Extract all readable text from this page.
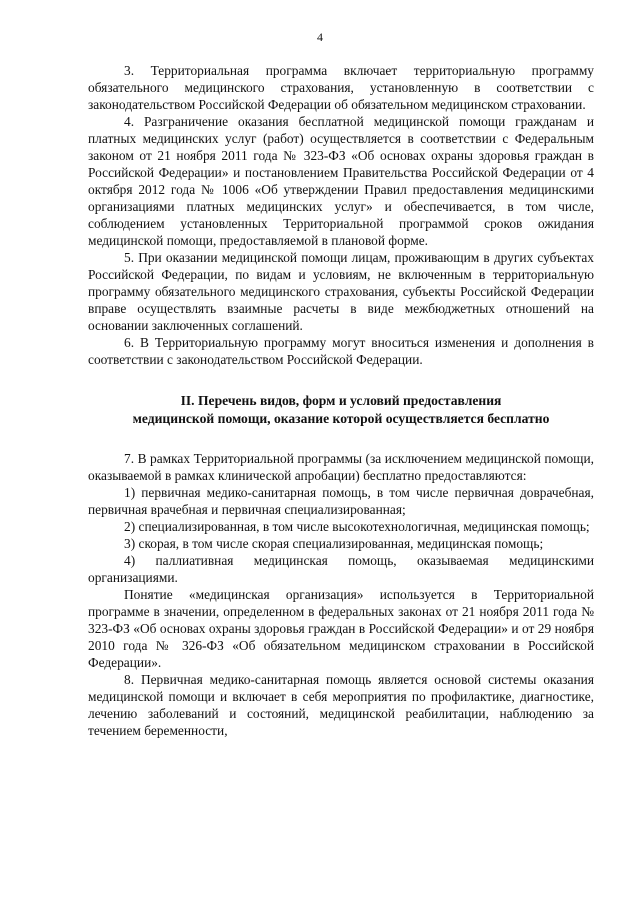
4

3. Территориальная программа включает территориальную программу обязательного медицинского страхования, установленную в соответствии с законодательством Российской Федерации об обязательном медицинском страховании.

4. Разграничение оказания бесплатной медицинской помощи гражданам и платных медицинских услуг (работ) осуществляется в соответствии с Федеральным законом от 21 ноября 2011 года № 323-ФЗ «Об основах охраны здоровья граждан в Российской Федерации» и постановлением Правительства Российской Федерации от 4 октября 2012 года № 1006 «Об утверждении Правил предоставления медицинскими организациями платных медицинских услуг» и обеспечивается, в том числе, соблюдением установленных Территориальной программой сроков ожидания медицинской помощи, предоставляемой в плановой форме.

5. При оказании медицинской помощи лицам, проживающим в других субъектах Российской Федерации, по видам и условиям, не включенным в территориальную программу обязательного медицинского страхования, субъекты Российской Федерации вправе осуществлять взаимные расчеты в виде межбюджетных отношений на основании заключенных соглашений.

6. В Территориальную программу могут вноситься изменения и дополнения в соответствии с законодательством Российской Федерации.

II. Перечень видов, форм и условий предоставления
медицинской помощи, оказание которой осуществляется бесплатно

7. В рамках Территориальной программы (за исключением медицинской помощи, оказываемой в рамках клинической апробации) бесплатно предоставляются:

1) первичная медико-санитарная помощь, в том числе первичная доврачебная, первичная врачебная и первичная специализированная;

2) специализированная, в том числе высокотехнологичная, медицинская помощь;

3) скорая, в том числе скорая специализированная, медицинская помощь;

4) паллиативная медицинская помощь, оказываемая медицинскими организациями.

Понятие «медицинская организация» используется в Территориальной программе в значении, определенном в федеральных законах от 21 ноября 2011 года № 323-ФЗ «Об основах охраны здоровья граждан в Российской Федерации» и от 29 ноября 2010 года № 326-ФЗ «Об обязательном медицинском страховании в Российской Федерации».

8. Первичная медико-санитарная помощь является основой системы оказания медицинской помощи и включает в себя мероприятия по профилактике, диагностике, лечению заболеваний и состояний, медицинской реабилитации, наблюдению за течением беременности,
